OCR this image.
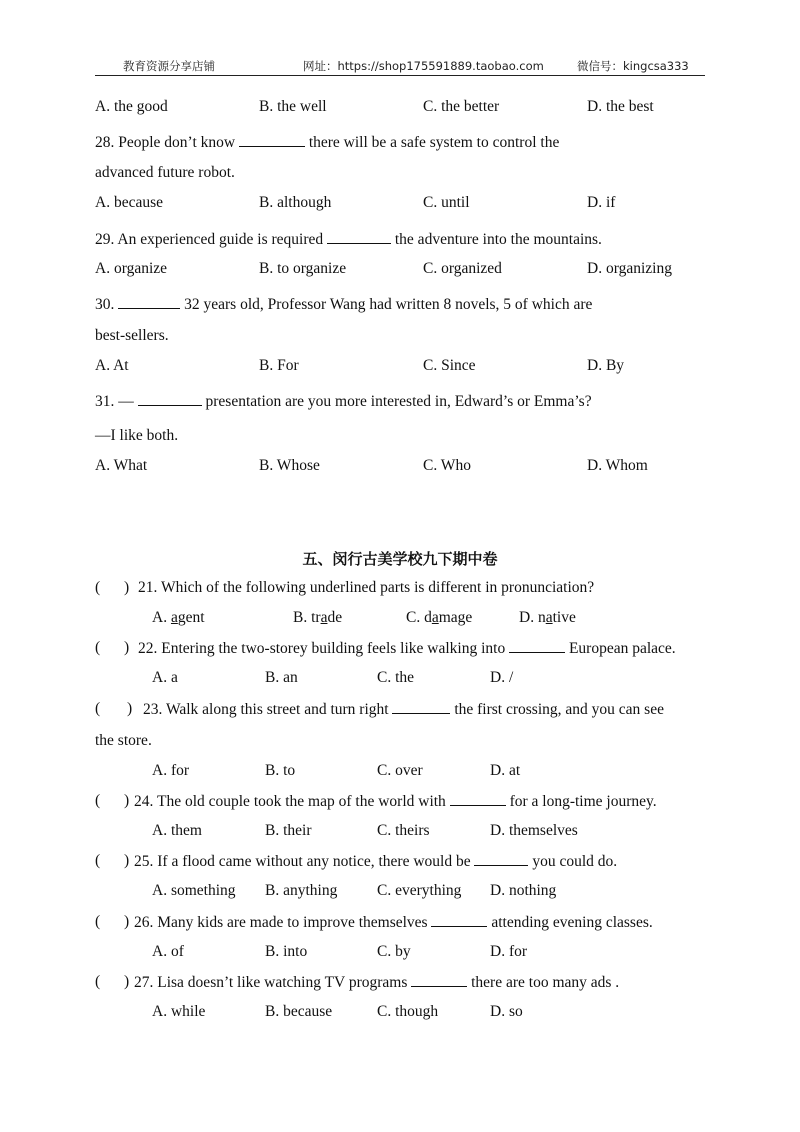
教育资源分享店铺	网址：https://shop175591889.taobao.com	微信号：kingcsa333
A. the good	B. the well	C. the better	D. the best
28. People don’t know	there will be a safe system to control the
advanced future robot.
A. because	B. although	C. until	D. if
29. An experienced guide is required	the adventure into the mountains.
A. organize	B. to organize	C. organized	D. organizing
30.	32 years old, Professor Wang had written 8 novels, 5 of which are
best-sellers.
A. At	B. For	C. Since	D. By
31. —	presentation are you more interested in, Edward’s or Emma’s?
—I like both.
A. What	B. Whose	C. Who	D. Whom
五、闵行古美学校九下期中卷
( ) 21. Which of the following underlined parts is different in pronunciation?
A. agent	B. trade	C. damage	D. native
( ) 22. Entering the two-storey building feels like walking into	European palace.
A. a	B. an	C. the	D. /
( ) 23. Walk along this street and turn right	the first crossing, and you can see
the store.
A. for	B. to	C. over	D. at
( ) 24. The old couple took the map of the world with	for a long-time journey.
A. them	B. their	C. theirs	D. themselves
( ) 25. If a flood came without any notice, there would be	you could do.
A. something B. anything	C. everything D. nothing
( ) 26. Many kids are made to improve themselves	attending evening classes.
A. of	B. into	C. by	D. for
( ) 27. Lisa doesn’t like watching TV programs	there are too many ads .
A. while	B. because	C. though	D. so
